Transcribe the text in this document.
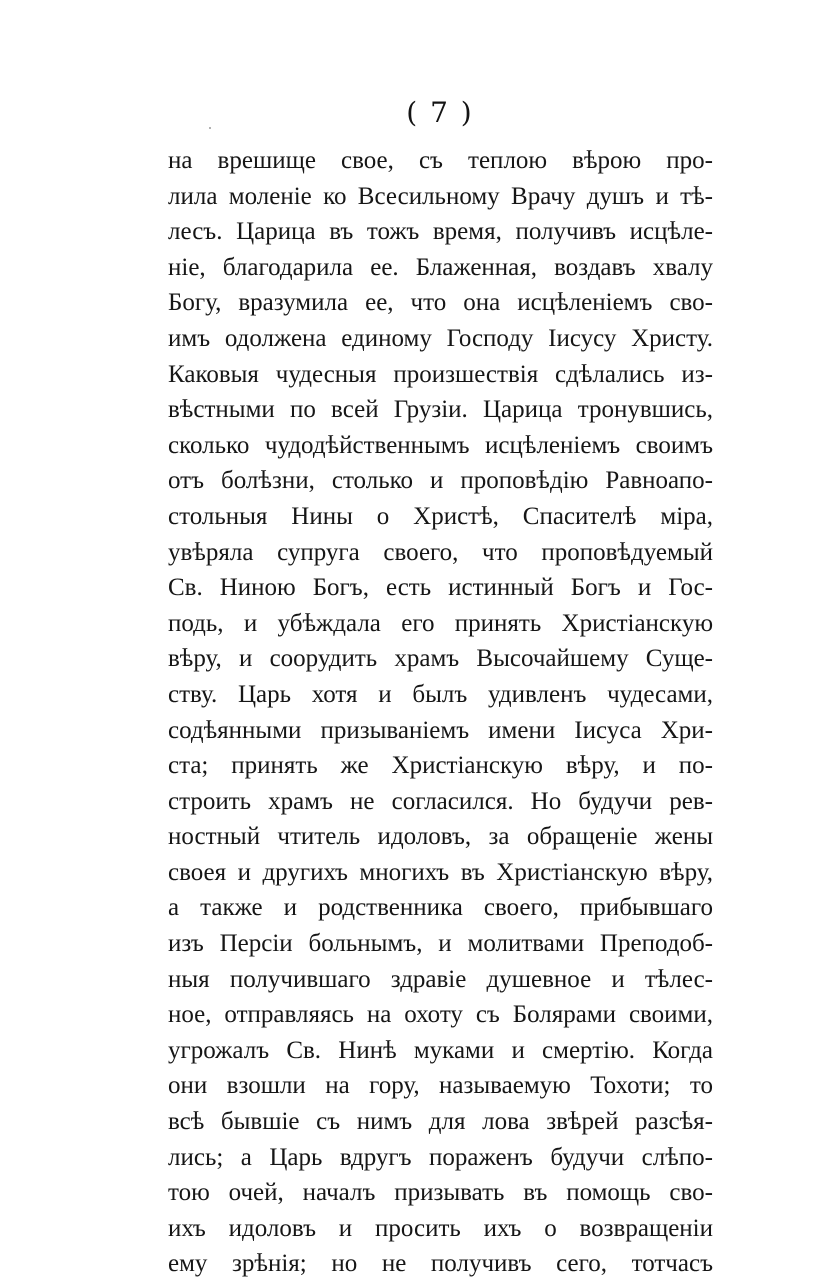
( 7 )
на врешище свое, съ теплою вѣрою про-
лила моленіе ко Всесильному Врачу душъ и тѣ-
лесъ. Царица въ тожъ время, получивъ исцѣле-
ніе, благодарила ее. Блаженная, воздавъ хвалу
Богу, вразумила ее, что она исцѣленіемъ сво-
имъ одолжена единому Господу Іисусу Христу.
Каковыя чудесныя произшествія сдѣлались из-
вѣстными по всей Грузіи. Царица тронувшись,
сколько чудодѣйственнымъ исцѣленіемъ своимъ
отъ болѣзни, столько и проповѣдію Равноапо-
стольныя Нины о Христѣ, Спасителѣ міра,
увѣряла супруга своего, что проповѣдуемый
Св. Ниною Богъ, есть истинный Богъ и Гос-
подь, и убѣждала его принять Христіанскую
вѣру, и соорудить храмъ Высочайшему Суще-
ству. Царь хотя и былъ удивленъ чудесами,
содѣянными призываніемъ имени Іисуса Хри-
ста; принять же Христіанскую вѣру, и по-
строить храмъ не согласился. Но будучи рев-
ностный чтитель идоловъ, за обращеніе жены
своея и другихъ многихъ въ Христіанскую вѣру,
а также и родственника своего, прибывшаго
изъ Персіи больнымъ, и молитвами Преподоб-
ныя получившаго здравіе душевное и тѣлес-
ное, отправляясь на охоту съ Болярами своими,
угрожалъ Св. Нинѣ муками и смертію. Когда
они взошли на гору, называемую Тохоти; то
всѣ бывшіе съ нимъ для лова звѣрей разсѣя-
лись; а Царь вдругъ пораженъ будучи слѣпо-
тою очей, началъ призывать въ помощь сво-
ихъ идоловъ и просить ихъ о возвращеніи
ему зрѣнія; но не получивъ сего, тотчасъ
